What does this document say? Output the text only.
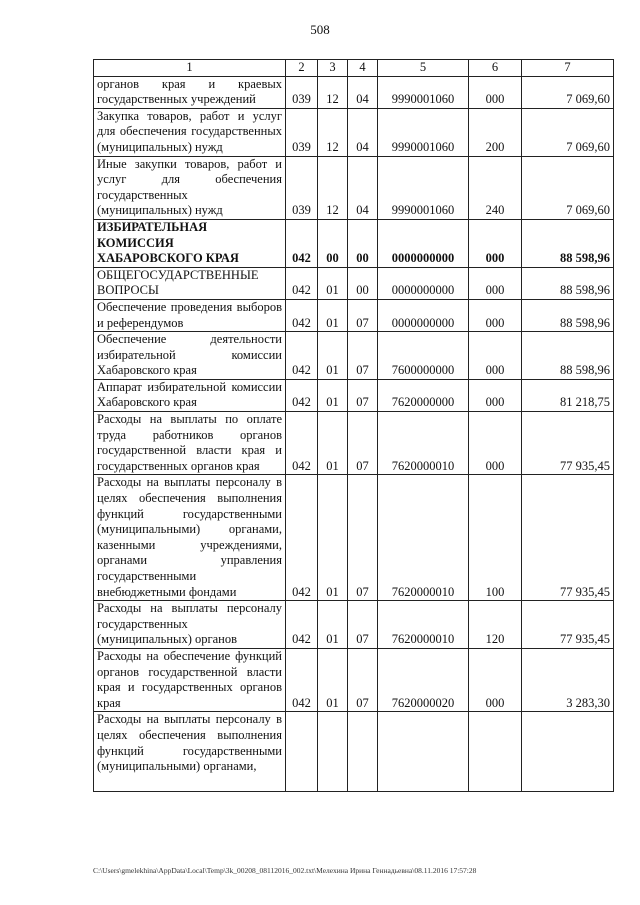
508
1	2	3	4	5	6	7
органов края и краевых государственных учреждений	039	12	04	9990001060	000	7 069,60
Закупка товаров, работ и услуг для обеспечения государственных (муниципальных) нужд	039	12	04	9990001060	200	7 069,60
Иные закупки товаров, работ и услуг для обеспечения государственных (муниципальных) нужд	039	12	04	9990001060	240	7 069,60
ИЗБИРАТЕЛЬНАЯ КОМИССИЯ ХАБАРОВСКОГО КРАЯ	042	00	00	0000000000	000	88 598,96
ОБЩЕГОСУДАРСТВЕННЫЕ ВОПРОСЫ	042	01	00	0000000000	000	88 598,96
Обеспечение проведения выборов и референдумов	042	01	07	0000000000	000	88 598,96
Обеспечение деятельности избирательной комиссии Хабаровского края	042	01	07	7600000000	000	88 598,96
Аппарат избирательной комиссии Хабаровского края	042	01	07	7620000000	000	81 218,75
Расходы на выплаты по оплате труда работников органов государственной власти края и государственных органов края	042	01	07	7620000010	000	77 935,45
Расходы на выплаты персоналу в целях обеспечения выполнения функций государственными (муниципальными) органами, казенными учреждениями, органами управления государственными внебюджетными фондами	042	01	07	7620000010	100	77 935,45
Расходы на выплаты персоналу государственных (муниципальных) органов	042	01	07	7620000010	120	77 935,45
Расходы на обеспечение функций органов государственной власти края и государственных органов края	042	01	07	7620000020	000	3 283,30
Расходы на выплаты персоналу в целях обеспечения выполнения функций государственными (муниципальными) органами,						
C:\Users\gmelekhina\AppData\Local\Temp\3k_00208_08112016_002.txt\Мелехина Ирина Геннадьевна\08.11.2016 17:57:28
